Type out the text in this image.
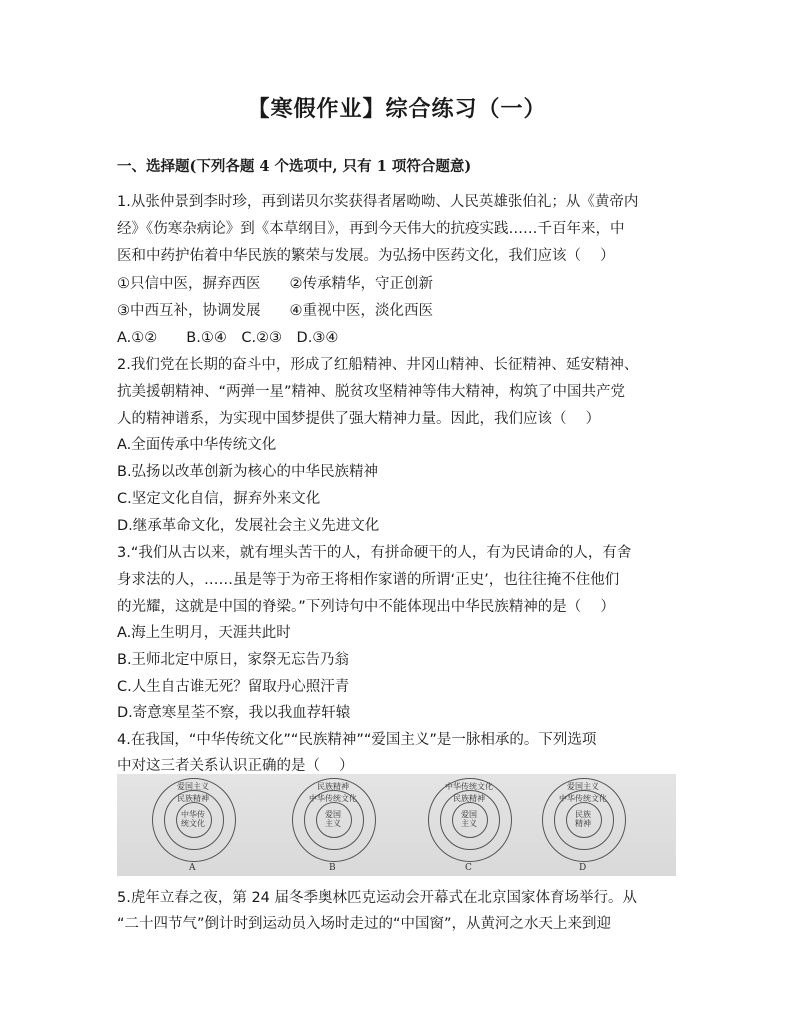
【寒假作业】综合练习（一）
一、选择题(下列各题 4 个选项中, 只有 1 项符合题意)
1.从张仲景到李时珍，再到诺贝尔奖获得者屠呦呦、人民英雄张伯礼；从《黄帝内
经》《伤寒杂病论》到《本草纲目》，再到今天伟大的抗疫实践……千百年来，中
医和中药护佑着中华民族的繁荣与发展。为弘扬中医药文化，我们应该（　 ）
①只信中医，摒弃西医　　②传承精华，守正创新
③中西互补，协调发展　　④重视中医，淡化西医
A.①②　　B.①④　C.②③　D.③④
2.我们党在长期的奋斗中，形成了红船精神、井冈山精神、长征精神、延安精神、
抗美援朝精神、“两弹一星”精神、脱贫攻坚精神等伟大精神，构筑了中国共产党
人的精神谱系，为实现中国梦提供了强大精神力量。因此，我们应该（　 ）
A.全面传承中华传统文化
B.弘扬以改革创新为核心的中华民族精神
C.坚定文化自信，摒弃外来文化
D.继承革命文化，发展社会主义先进文化
3.“我们从古以来，就有埋头苦干的人，有拼命硬干的人，有为民请命的人，有舍
身求法的人，……虽是等于为帝王将相作家谱的所谓‘正史’，也往往掩不住他们
的光耀，这就是中国的脊梁。”下列诗句中不能体现出中华民族精神的是（　 ）
A.海上生明月，天涯共此时
B.王师北定中原日，家祭无忘告乃翁
C.人生自古谁无死？留取丹心照汗青
D.寄意寒星荃不察，我以我血荐轩辕
4.在我国，“中华传统文化”“民族精神”“爱国主义”是一脉相承的。下列选项
中对这三者关系认识正确的是（　 ）
爱国主义
民族精神
中华传统文化
A
民族精神
中华传统文化
爱国主义
B
中华传统文化
民族精神
爱国主义
C
爱国主义
中华传统文化
民族精神
D
5.虎年立春之夜，第 24 届冬季奥林匹克运动会开幕式在北京国家体育场举行。从
“二十四节气”倒计时到运动员入场时走过的“中国窗”，从黄河之水天上来到迎
